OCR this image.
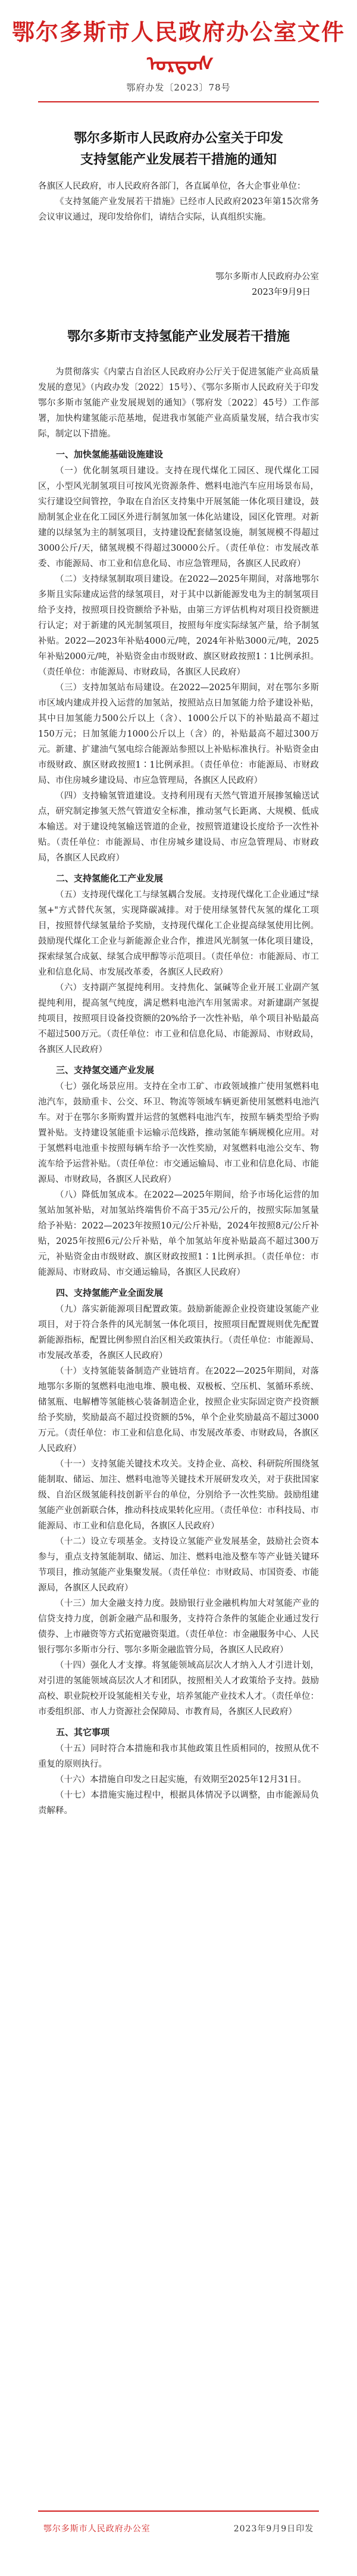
鄂尔多斯市人民政府办公室文件ᠣᠷᠳᠣᠰ
鄂府办发〔2023〕78号
鄂尔多斯市人民政府办公室关于印发
支持氢能产业发展若干措施的通知

各旗区人民政府，市人民政府各部门，各直属单位，各大企事业单位：

《支持氢能产业发展若干措施》已经市人民政府2023年第15次常务会议审议通过，现印发给你们，请结合实际，认真组织实施。

鄂尔多斯市人民政府办公室
2023年9月9日
鄂尔多斯市支持氢能产业发展若干措施

为贯彻落实《内蒙古自治区人民政府办公厅关于促进氢能产业高质量发展的意见》（内政办发〔2022〕15号）、《鄂尔多斯市人民政府关于印发鄂尔多斯市氢能产业发展规划的通知》（鄂府发〔2022〕45号）工作部署，加快构建氢能示范基地，促进我市氢能产业高质量发展，结合我市实际，制定以下措施。

一、加快氢能基础设施建设

（一）优化制氢项目建设。支持在现代煤化工园区、现代煤化工园区，小型风光制氢项目可按风光资源条件、燃料电池汽车应用场景布局，实行建设空间管控，争取在自治区支持集中开展氢能一体化项目建设，鼓励制氢企业在化工园区外进行制氢加氢一体化站建设，园区化管理。对新建的以绿氢为主的制氢项目，支持建设配套储氢设施，制氢规模不得超过3000公斤/天，储氢规模不得超过30000公斤。（责任单位：市发展改革委、市能源局、市工业和信息化局、市应急管理局，各旗区人民政府）

（二）支持绿氢制取项目建设。在2022—2025年期间，对落地鄂尔多斯且实际建成运营的绿氢项目，对于其中以新能源发电为主的制氢项目给予支持，按照项目投资额给予补贴，由第三方评估机构对项目投资额进行认定；对于新建的风光制氢项目，按照每年度实际绿氢产量，给予制氢补贴。2022—2023年补贴4000元/吨，2024年补贴3000元/吨，2025年补贴2000元/吨，补贴资金由市级财政、旗区财政按照1∶1比例承担。（责任单位：市能源局、市财政局，各旗区人民政府）

（三）支持加氢站布局建设。在2022—2025年期间，对在鄂尔多斯市区域内建成并投入运营的加氢站，按照站点日加氢能力给予建设补贴，其中日加氢能力500公斤以上（含）、1000公斤以下的补贴最高不超过150万元；日加氢能力1000公斤以上（含）的，补贴最高不超过300万元。新建、扩建油气氢电综合能源站参照以上补贴标准执行。补贴资金由市级财政、旗区财政按照1∶1比例承担。（责任单位：市能源局、市财政局、市住房城乡建设局、市应急管理局，各旗区人民政府）

（四）支持输氢管道建设。支持利用现有天然气管道开展掺氢输送试点，研究制定掺氢天然气管道安全标准，推动氢气长距离、大规模、低成本输送。对于建设纯氢输送管道的企业，按照管道建设长度给予一次性补贴。（责任单位：市能源局、市住房城乡建设局、市应急管理局、市财政局，各旗区人民政府）

二、支持氢能化工产业发展

（五）支持现代煤化工与绿氢耦合发展。支持现代煤化工企业通过"绿氢+"方式替代灰氢，实现降碳减排。对于使用绿氢替代灰氢的煤化工项目，按照替代绿氢量给予奖励，支持现代煤化工企业提高绿氢使用比例。鼓励现代煤化工企业与新能源企业合作，推进风光制氢一体化项目建设，探索绿氢合成氨、绿氢合成甲醇等示范项目。（责任单位：市能源局、市工业和信息化局、市发展改革委，各旗区人民政府）

（六）支持副产氢提纯利用。支持焦化、氯碱等企业开展工业副产氢提纯利用，提高氢气纯度，满足燃料电池汽车用氢需求。对新建副产氢提纯项目，按照项目设备投资额的20%给予一次性补贴，单个项目补贴最高不超过500万元。（责任单位：市工业和信息化局、市能源局、市财政局，各旗区人民政府）

三、支持氢交通产业发展

（七）强化场景应用。支持在全市工矿、市政领域推广使用氢燃料电池汽车，鼓励重卡、公交、环卫、物流等领域车辆更新使用氢燃料电池汽车。对于在鄂尔多斯购置并运营的氢燃料电池汽车，按照车辆类型给予购置补贴。支持建设氢能重卡运输示范线路，推动氢能车辆规模化应用。对于氢燃料电池重卡按照每辆车给予一次性奖励，对氢燃料电池公交车、物流车给予运营补贴。（责任单位：市交通运输局、市工业和信息化局、市能源局、市财政局，各旗区人民政府）

（八）降低加氢成本。在2022—2025年期间，给予市场化运营的加氢站加氢补贴，对加氢站终端售价不高于35元/公斤的，按照实际加氢量给予补贴：2022—2023年按照10元/公斤补贴，2024年按照8元/公斤补贴，2025年按照6元/公斤补贴，单个加氢站年度补贴最高不超过300万元，补贴资金由市级财政、旗区财政按照1∶1比例承担。（责任单位：市能源局、市财政局、市交通运输局，各旗区人民政府）

四、支持氢能产业全面发展

（九）落实新能源项目配置政策。鼓励新能源企业投资建设氢能产业项目，对于符合条件的风光制氢一体化项目，按照项目配置规则优先配置新能源指标，配置比例参照自治区相关政策执行。（责任单位：市能源局、市发展改革委，各旗区人民政府）

（十）支持氢能装备制造产业链培育。在2022—2025年期间，对落地鄂尔多斯的氢燃料电池电堆、膜电极、双极板、空压机、氢循环系统、储氢瓶、电解槽等氢能核心装备制造企业，按照企业实际固定资产投资额给予奖励，奖励最高不超过投资额的5%，单个企业奖励最高不超过3000万元。（责任单位：市工业和信息化局、市发展改革委、市财政局，各旗区人民政府）

（十一）支持氢能关键技术攻关。支持企业、高校、科研院所围绕氢能制取、储运、加注、燃料电池等关键技术开展研发攻关，对于获批国家级、自治区级氢能科技创新平台的单位，分别给予一次性奖励。鼓励组建氢能产业创新联合体，推动科技成果转化应用。（责任单位：市科技局、市能源局、市工业和信息化局，各旗区人民政府）

（十二）设立专项基金。支持设立氢能产业发展基金，鼓励社会资本参与，重点支持氢能制取、储运、加注、燃料电池及整车等产业链关键环节项目，推动氢能产业集聚发展。（责任单位：市财政局、市国资委、市能源局，各旗区人民政府）

（十三）加大金融支持力度。鼓励银行业金融机构加大对氢能产业的信贷支持力度，创新金融产品和服务，支持符合条件的氢能企业通过发行债券、上市融资等方式拓宽融资渠道。（责任单位：市金融服务中心、人民银行鄂尔多斯市分行、鄂尔多斯金融监管分局，各旗区人民政府）

（十四）强化人才支撑。将氢能领域高层次人才纳入人才引进计划，对引进的氢能领域高层次人才和团队，按照相关人才政策给予支持。鼓励高校、职业院校开设氢能相关专业，培养氢能产业技术人才。（责任单位：市委组织部、市人力资源社会保障局、市教育局，各旗区人民政府）

五、其它事项

（十五）同时符合本措施和我市其他政策且性质相同的，按照从优不重复的原则执行。

（十六）本措施自印发之日起实施，有效期至2025年12月31日。

（十七）本措施实施过程中，根据具体情况予以调整，由市能源局负责解释。

鄂尔多斯市人民政府办公室	2023年9月9日印发
